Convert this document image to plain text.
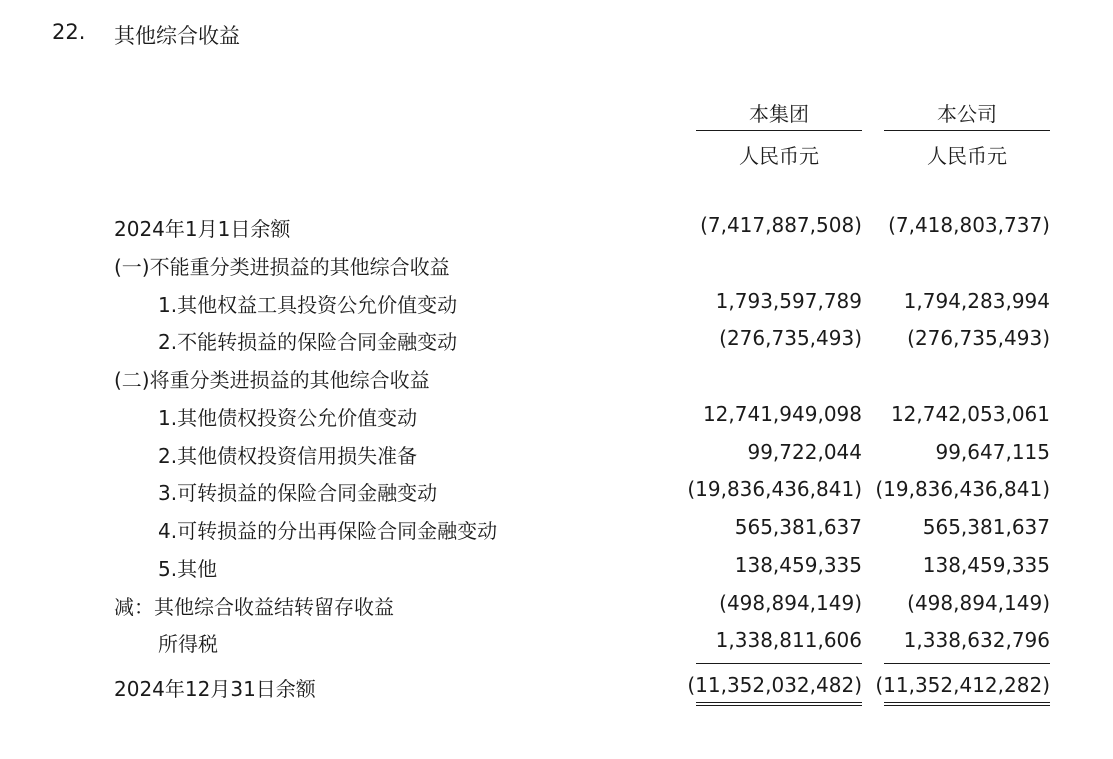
22. 其他综合收益
本集团	本公司
人民币元	人民币元
2024年1月1日余额	(7,417,887,508)	(7,418,803,737)
(一)不能重分类进损益的其他综合收益
1.其他权益工具投资公允价值变动	1,793,597,789	1,794,283,994
2.不能转损益的保险合同金融变动	(276,735,493)	(276,735,493)
(二)将重分类进损益的其他综合收益
1.其他债权投资公允价值变动	12,741,949,098	12,742,053,061
2.其他债权投资信用损失准备	99,722,044	99,647,115
3.可转损益的保险合同金融变动	(19,836,436,841) (19,836,436,841)
4.可转损益的分出再保险合同金融变动	565,381,637	565,381,637
5.其他	138,459,335	138,459,335
减：其他综合收益结转留存收益	(498,894,149)	(498,894,149)
所得税	1,338,811,606	1,338,632,796
2024年12月31日余额	(11,352,032,482) (11,352,412,282)
